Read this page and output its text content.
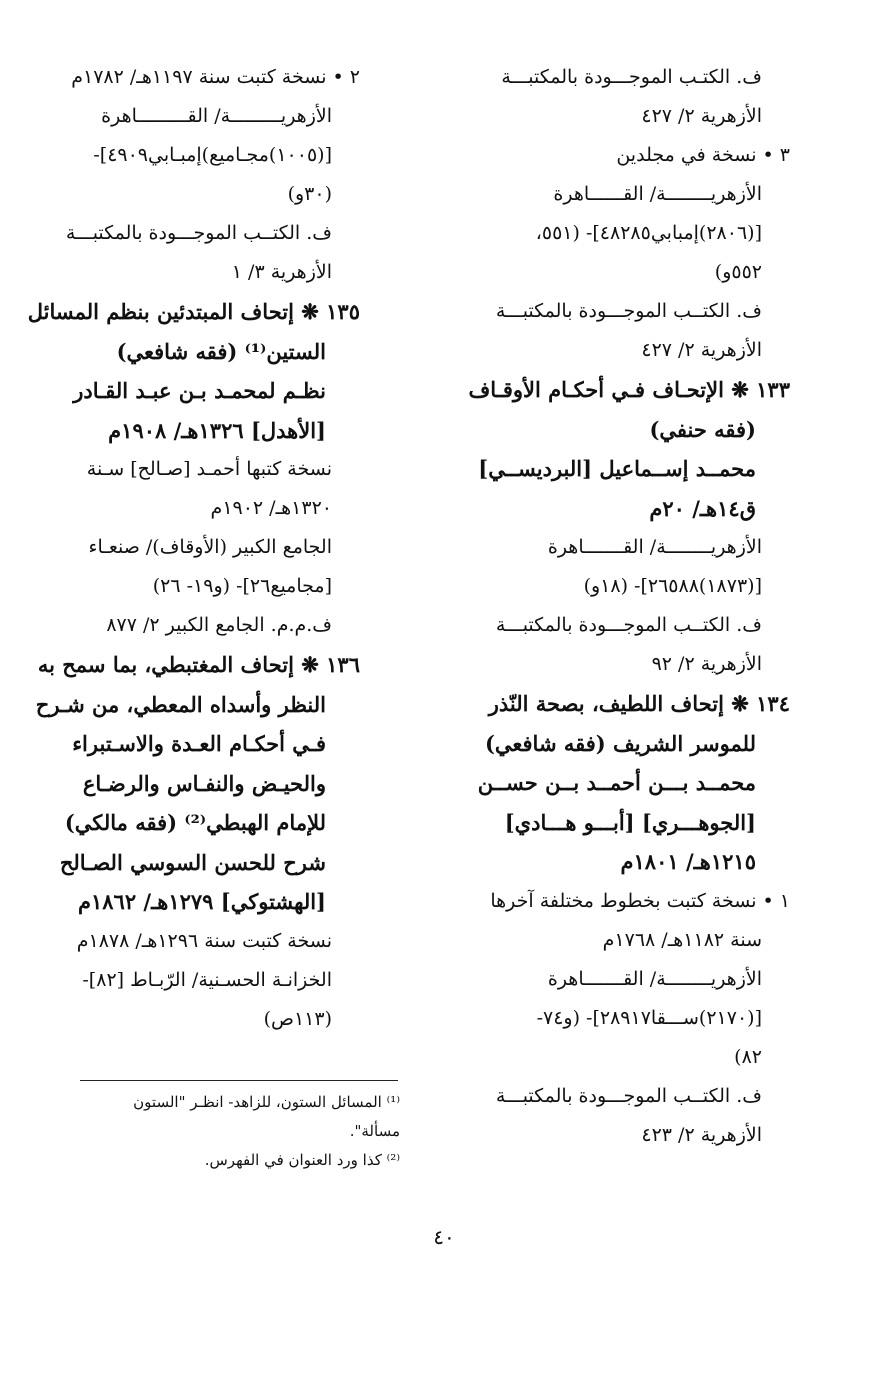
ف. الكتـب الموجـــودة بالمكتبـــة
الأزهرية ٢/ ٤٢٧
٣ • نسخة في مجلدين
الأزهريــــــــة/ القــــــاهرة
[(٢٨٠٦)إمبابي٤٨٢٨٥]- (٥٥١،
٥٥٢و)
ف. الكتــب الموجـــودة بالمكتبـــة
الأزهرية ٢/ ٤٢٧
١٣٣ ❋ الإتحـاف فـي أحكـام الأوقـاف
(فقه حنفي)
محمــد إســماعيل [البرديســي]
ق١٤هـ/ ٢٠م
الأزهريــــــــة/ القـــــــاهرة
[(١٨٧٣)٢٦٥٨٨]- (١٨و)
ف. الكتــب الموجـــودة بالمكتبـــة
الأزهرية ٢/ ٩٢
١٣٤ ❋ إتحاف اللطيف، بصحة النّذر
للموسر الشريف (فقه شافعي)
محمــد بـــن أحمــد بــن حســن
[الجوهـــري] [أبـــو هـــادي]
١٢١٥هـ/ ١٨٠١م
١ • نسخة كتبت بخطوط مختلفة آخرها
سنة ١١٨٢هـ/ ١٧٦٨م
الأزهريــــــــة/ القـــــــاهرة
[(٢١٧٠)ســـقا٢٨٩١٧]- (و٧٤-
٨٢)
ف. الكتــب الموجـــودة بالمكتبـــة
الأزهرية ٢/ ٤٢٣
٢ • نسخة كتبت سنة ١١٩٧هـ/ ١٧٨٢م
الأزهريـــــــــة/ القـــــــــاهرة
[(١٠٠٥)مجـاميع)إمبـابي٤٩٠٩]-
(٣٠و)
ف. الكتــب الموجـــودة بالمكتبـــة
الأزهرية ٣/ ١
١٣٥ ❋ إتحاف المبتدئين بنظم المسائل
الستين⁽¹⁾ (فقه شافعي)
نظـم لمحمـد بـن عبـد القـادر
[الأهدل] ١٣٢٦هـ/ ١٩٠٨م
نسخة كتبها أحمـد [صـالح] سـنة
١٣٢٠هـ/ ١٩٠٢م
الجامع الكبير (الأوقاف)/ صنعـاء
[مجاميع٢٦]- (و١٩- ٢٦)
ف.م.م. الجامع الكبير ٢/ ٨٧٧
١٣٦ ❋ إتحاف المغتبطي، بما سمح به
النظر وأسداه المعطي، من شـرح
فـي أحكـام العـدة والاسـتبراء
والحيـض والنفـاس والرضـاع
للإمام الهبطي⁽²⁾ (فقه مالكي)
شرح للحسن السوسي الصـالح
[الهشتوكي] ١٢٧٩هـ/ ١٨٦٢م
نسخة كتبت سنة ١٢٩٦هـ/ ١٨٧٨م
الخزانـة الحسـنية/ الرّبـاط [٨٢]-
(١١٣ص)
⁽¹⁾ المسائل الستون، للزاهد- انظـر "الستون
مسألة".
⁽²⁾ كذا ورد العنوان في الفهرس.
٤٠
